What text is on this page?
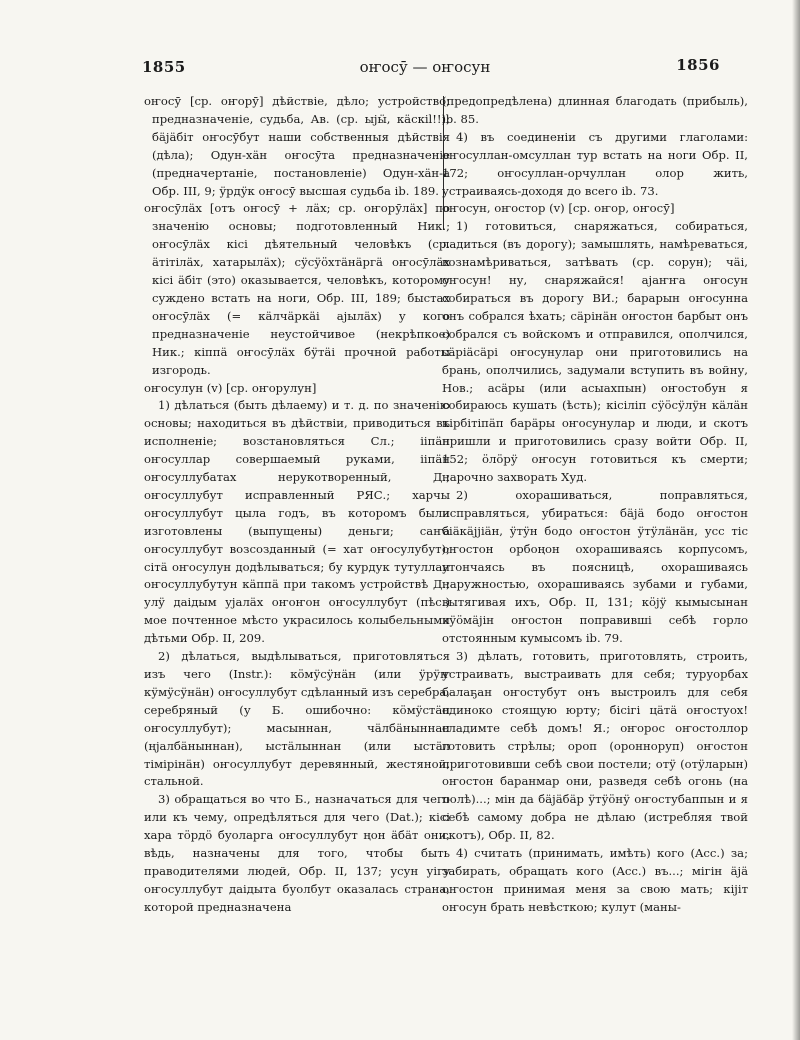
1855	оҥосӯ — оҥосун	1856

оҥосӯ [ср. оҥорӯ] дѣйствіе, дѣло; устройство; предназначеніе, судьба, Ав. (ср. ыјӹ, кäскіl!!); бäјäбіт оҥосӯбут наши собственныя дѣйствія (дѣла); Одун-хäн оҥосӯта предназначеніе (предначертаніе, постановленіе) Одун-хäн-а Обр. III, 9; ӱрдӱк оҥосӯ высшая судьба ib. 189.

оҥосӯлäх [отъ оҥосӯ + лäх; ср. оҥорӯлäх] по значенію основы; подготовленный Ник.; оҥосӯлäх кісі дѣятельный человѣкъ (ср. äтітілäх, хатарылäх); сӱсӱӧхтäнäргä оҥосӯлäх кісі äбіт (это) оказывается, человѣкъ, которому суждено встать на ноги, Обр. III, 189; быстах оҥосӯлäх (= кäлчäркäі аjылäх) у кого предназначеніе неустойчивое (некрѣпкое) Ник.; кіппä оҥосӯлäх бӱтäі прочной работы изгородь.

оҥосулун (v) [ср. оҥорулун]

1) дѣлаться (быть дѣлаему) и т. д. по значенію основы; находиться въ дѣйствіи, приводиться въ исполненіе; возстановляться Сл.; ііпäн оҥосуллар совершаемый руками, ііпäн оҥосуллубатах нерукотворенный, Д.; оҥосуллубут исправленный РЯС.; харчы оҥосуллубут цыла годъ, въ которомъ были изготовлены (выпущены) деньги; саҥа оҥосуллубут возсозданный (= хат оҥосулубут); сітä оҥосулун додѣлываться; бу курдук тутуллан оҥосуллубутун кäппä при такомъ устройствѣ Д.; улӱ даідым уjалäх оҥоҥон оҥосуллубут (пѣс.) мое почтенное мѣсто украсилось колыбельными дѣтьми Обр. II, 209.

2) дѣлаться, выдѣлываться, приготовляться изъ чего (Instr.): кӧмӱсӱнäн (или ӱрӱҥ кӱмӱсӱнäн) оҥосуллубут сдѣланный изъ серебра, серебряный (у Б. ошибочно: кӧмӱстäн оҥосуллубут); масыннан, чäлбäныннан (ңjалбäныннан), ыстäлыннан (или ыстäл тімірінäн) оҥосуллубут деревянный, жестяной, стальной.

3) обращаться во что Б., назначаться для чего или къ чему, опредѣляться для чего (Dat.); кісі хара тӧрдӧ буоларга оҥосуллубут ңон äбäт они, вѣдь, назначены для того, чтобы быть праводителями людей, Обр. II, 137; усун уігу оҥосуллубут даідыта буолбут оказалась страна, которой предназначена

(предопредѣлена) длинная благодать (прибыль), ib. 85.

4) въ соединеніи съ другими глаголами: оҥосуллан-омсуллан тур встать на ноги Обр. II, 172; оҥосуллан-орчуллан олор жить, устраиваясь-доходя до всего ib. 73.

оҥосун, оҥостор (v) [ср. оҥор, оҥосӯ]

1) готовиться, снаряжаться, собираться, ладиться (въ дорогу); замышлять, намѣреваться, вознамѣриваться, затѣвать (ср. сорун); чäі, оҥосун! ну, снаряжайся! аjаҥҥа оҥосун собираться въ дорогу ВИ.; барарын оҥосунна онъ собрался ѣхать; сäрінäн оҥостон барбыт онъ собрался съ войскомъ и отправился, ополчился, сäріäсäрі оҥосунулар они приготовились на брань, ополчились, задумали вступить въ войну, Нов.; асäры (или асыахпын) оҥостобун я собираюсь кушать (ѣсть); кісіліп сӱӧсӱлӱн кäлäн кірбітіпäп барäры оҥосунулар и люди, и скотъ пришли и приготовились сразу войти Обр. II, 152; ӧлӧрӱ оҥосун готовиться къ смерти; нарочно захворать Худ.

2) охорашиваться, поправляться, исправляться, убираться: бäjä бодо оҥостон бiäкäjjiäн, ӱтӱн бодо оҥостон ӱтӱлäнäн, усс тіс оҥостон орбоңон охорашиваясь корпусомъ, утончаясь въ поясницѣ, охорашиваясь наружностью, охорашиваясь зубами и губами, вытягивая ихъ, Обр. II, 131; кӧjӱ кымысынан кӱӧмäjін оҥостон поправившi себѣ горло отстоянным кумысомъ ib. 79.

3) дѣлать, готовить, приготовлять, строить, устраивать, выстраивать для себя; туруорбах балаҕан оҥостубут онъ выстроилъ для себя одиноко стоящую юрту; бісігі цäтä оҥостуох! сладимте себѣ домъ! Я.; оҥорос оҥостоллор готовить стрѣлы; ороп (оронноруп) оҥостон приготовивши себѣ свои постели; отӱ (отӱларын) оҥостон баранмар они, разведя себѣ огонь (на полѣ)...; мін да бäjäбäр ӱтӱӧнӱ оҥостубаппын и я себѣ самому добра не дѣлаю (истребляя твой скотъ), Обр. II, 82.

4) считать (принимать, имѣть) кого (Acc.) за; забирать, обращать кого (Acc.) въ...; мігін äjä оҥостон принимая меня за свою мать; кіjіт оҥосун брать невѣсткою; кулут (маны-
